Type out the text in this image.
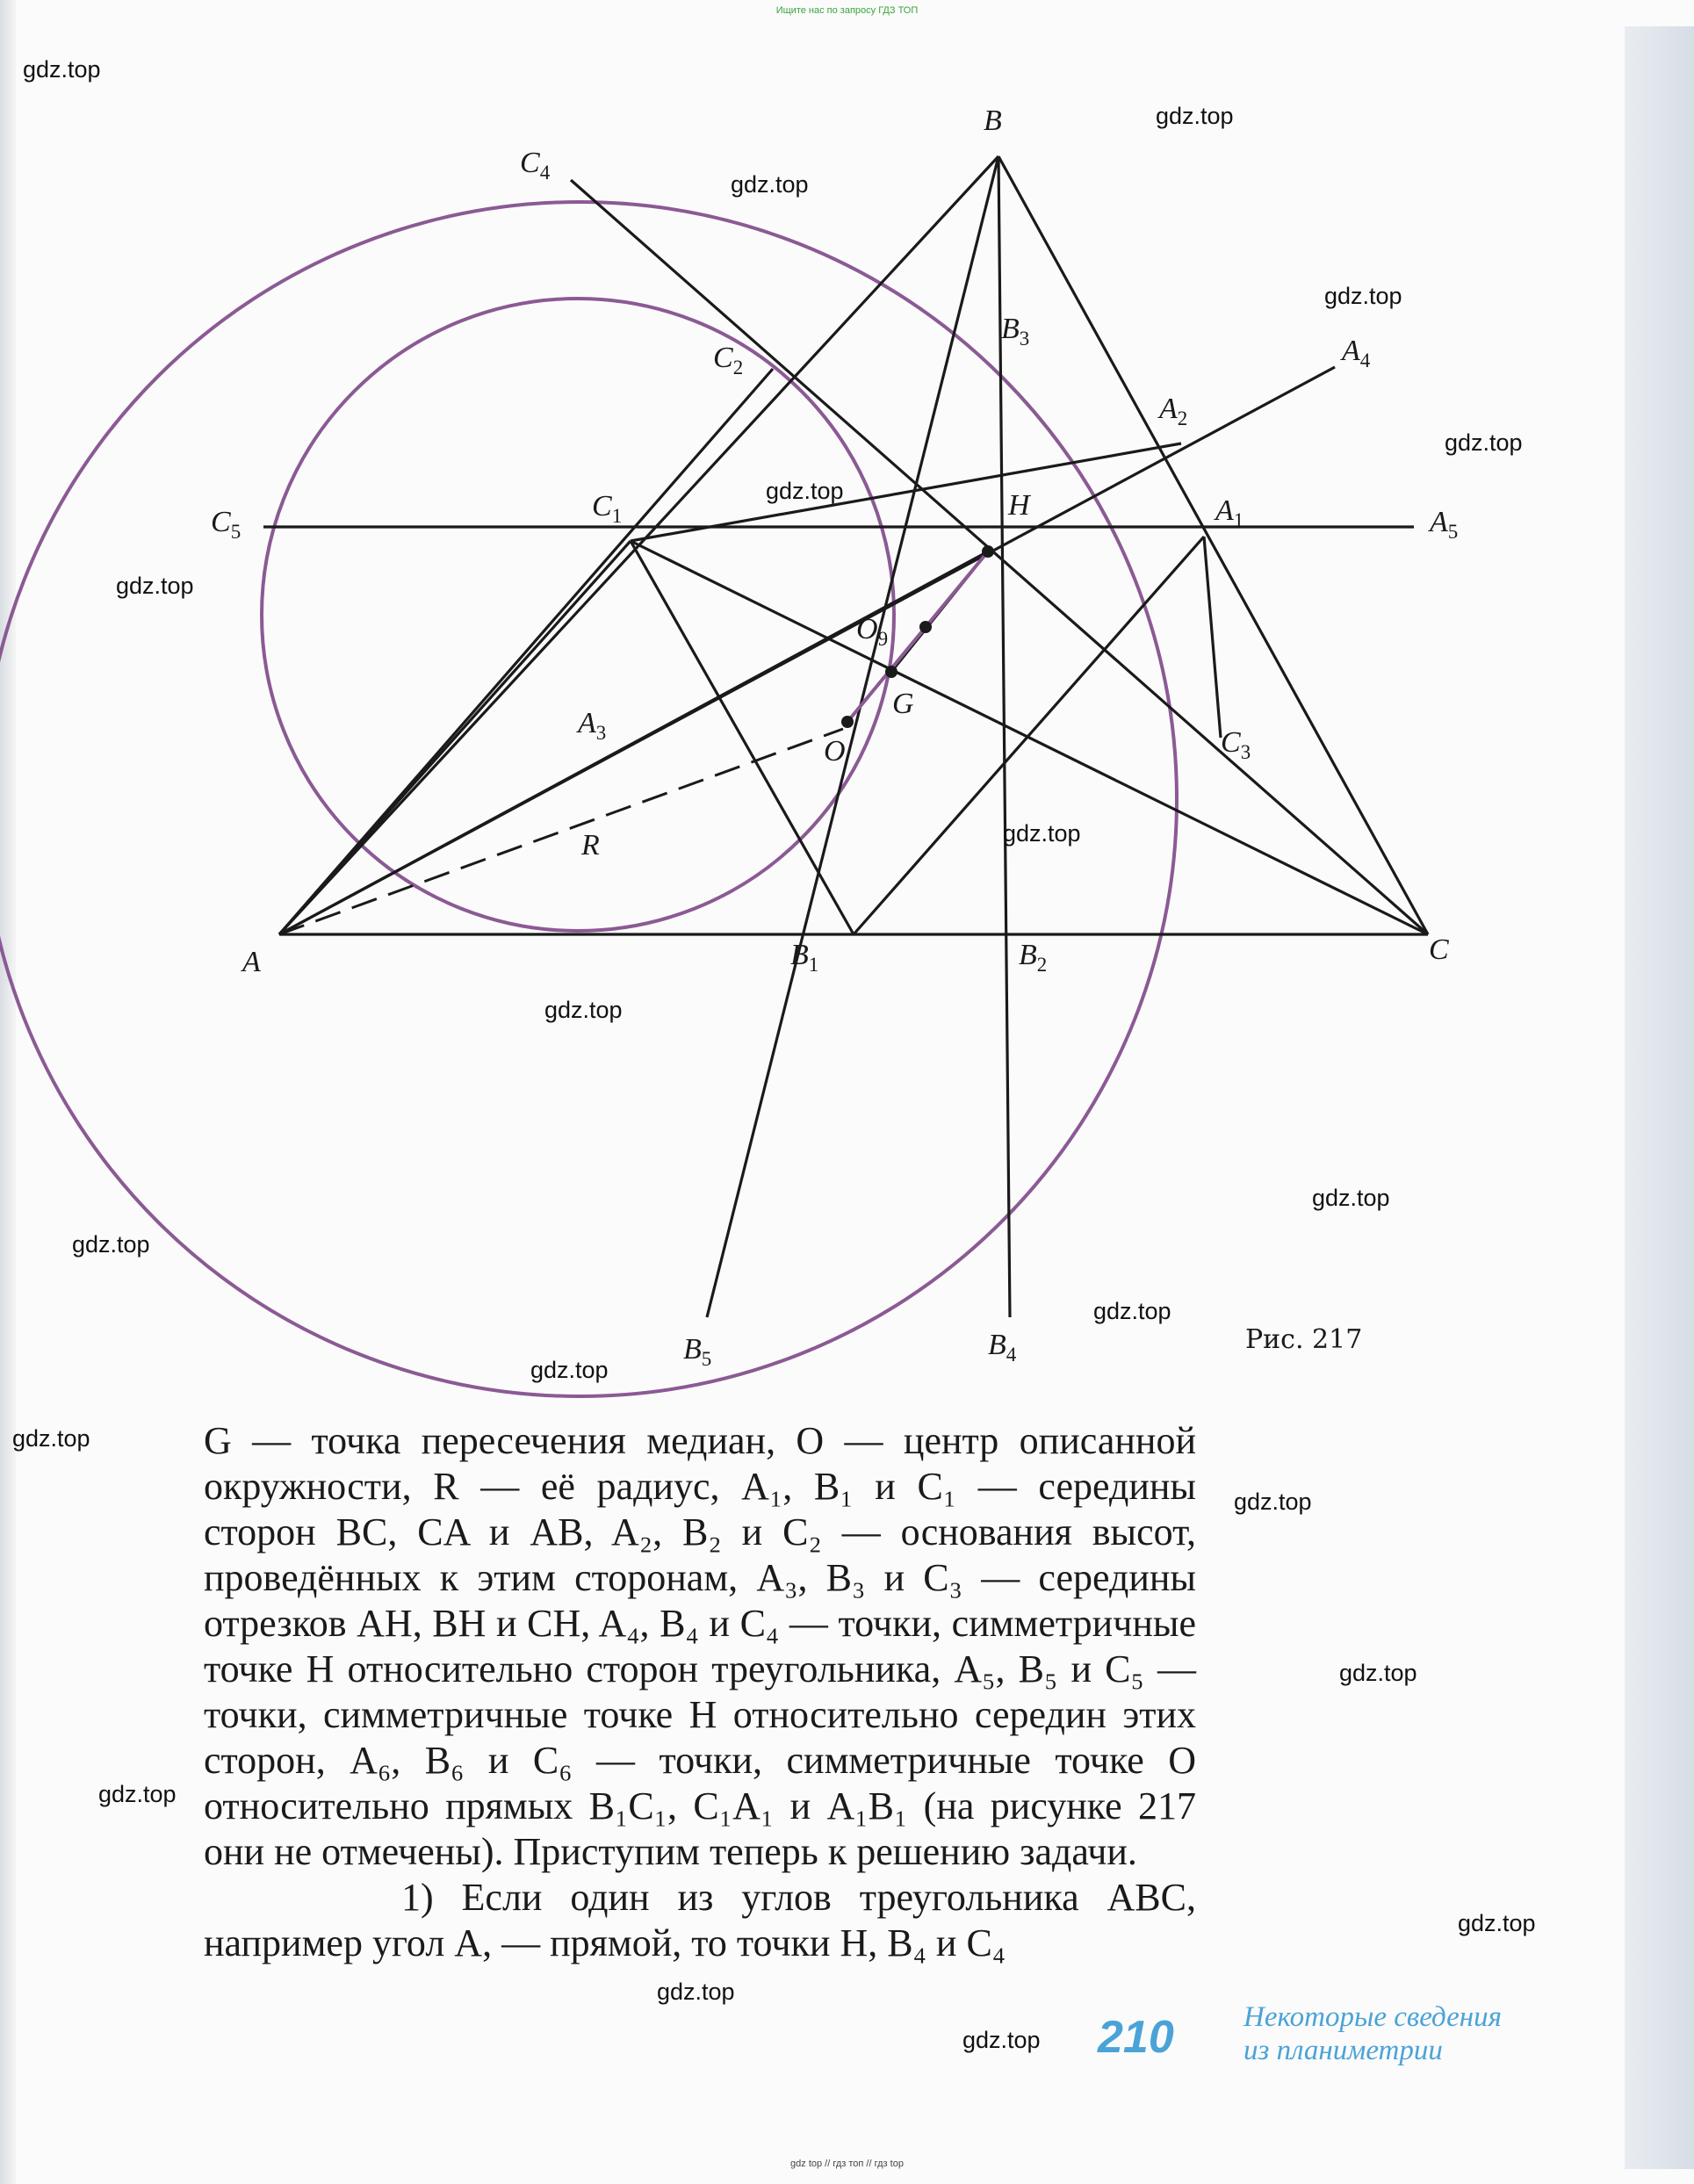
Ищите нас по запросу ГДЗ ТОП
A
B
C
H
G
O
R
$O_9$
$A_1$
$A_2$
$A_3$
$A_4$
$A_5$
$B_1$	$B_2$
$B_3$
$B_4$
$B_5$
$C_1$
$C_2$
$C_3$
$C_4$
$C_5$
Рис. 217
gdz.top
gdz.top
gdz.top
gdz.top
gdz.top
gdz.top
gdz.top
gdz.top
gdz.top
gdz.top
gdz.top
gdz.top
gdz.top
gdz.top
gdz.top
gdz.top
gdz.top
gdz.top
gdz.top
gdz.top

G — точка пересечения медиан, O — центр описанной окружности, R — её радиус, A₁, B₁ и C₁ — середины сторон BC, CA и AB, A₂, B₂ и C₂ — основания высот, проведённых к этим сторонам, A₃, B₃ и C₃ — середины отрезков AH, BH и CH, A₄, B₄ и C₄ — точки, симметричные точке H относительно сторон треугольника, A₅, B₅ и C₅ — точки, симметричные точке H относительно середин этих сторон, A₆, B₆ и C₆ — точки, симметричные точке O относительно прямых B₁C₁, C₁A₁ и A₁B₁ (на рисунке 217 они не отмечены). Приступим теперь к решению задачи.

1) Если один из углов треугольника ABC, например угол A, — прямой, то точки H, B₄ и C₄

210 Некоторые сведения
из планиметрии
gdz top // гдз топ // гдз top
